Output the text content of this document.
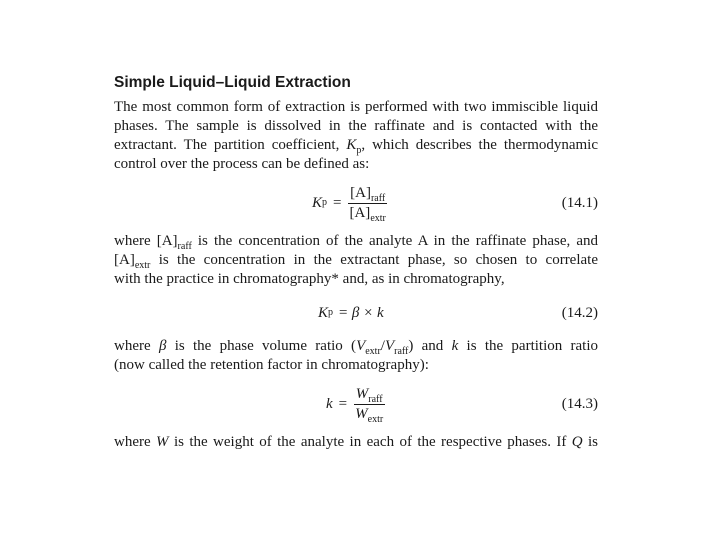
Simple Liquid–Liquid Extraction
The most common form of extraction is performed with two immiscible liquid
phases. The sample is dissolved in the raffinate and is contacted with the
extractant. The partition coefficient, $K_p$, which describes the thermodynamic
control over the process can be defined as:
K $p = \frac{[A]_{raff}}{[A]_{extr}}$	(14.1)
where $[A]_{raff}$ is the concentration of the analyte A in the raffinate phase, and
$[A]_{extr}$ is the concentration in the extractant phase, so chosen to correlate
with the practice in chromatography* and, as in chromatography,
K p = β × k	(14.2)
where β is the phase volume ratio $(V_{extr}/V_{raff})$ and k is the partition ratio
(now called the retention factor in chromatography):
$k = \frac{W_{raff}}{W_{extr}}$	(14.3)
where W is the weight of the analyte in each of the respective phases. If Q is
